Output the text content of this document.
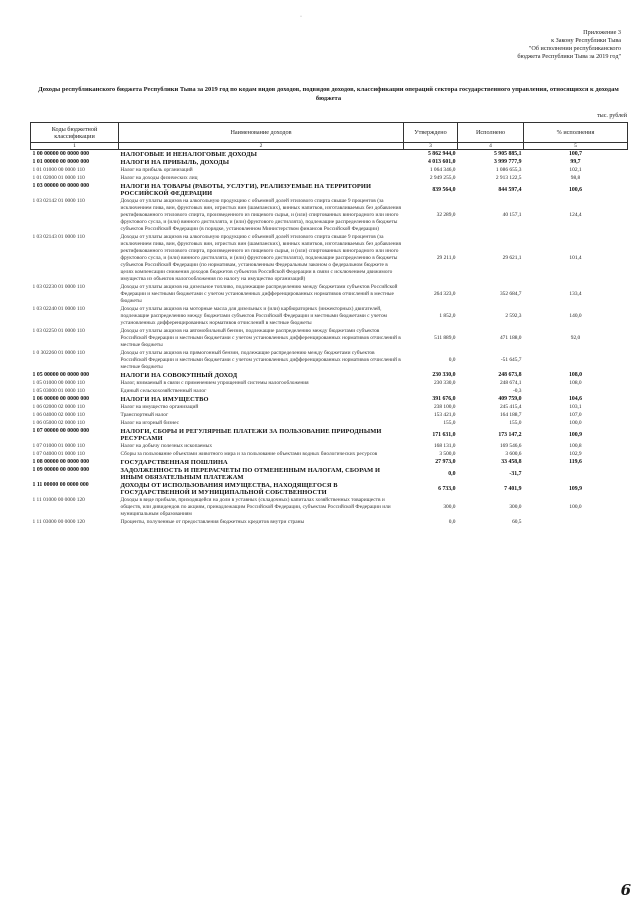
·
Приложение 3
к Закону Республики Тыва
"Об исполнении республиканского
бюджета Республики Тыва за 2019 год"
Доходы республиканского бюджета Республики Тыва за 2019 год по кодам видов доходов, подвидов доходов, классификации операций сектора государственного управления, относящихся к доходам бюджета
тыс. рублей
Коды бюджетной классификации	Наименование доходов	Утверждено	Исполнено	% исполнения
1	2	3	4	5
1 00 00000 00 0000 000	НАЛОГОВЫЕ И НЕНАЛОГОВЫЕ ДОХОДЫ	5 862 944,0	5 905 885,1	100,7
1 01 00000 00 0000 000	НАЛОГИ НА ПРИБЫЛЬ, ДОХОДЫ	4 013 601,0	3 999 777,9	99,7
1 01 01000 00 0000 110	Налог на прибыль организаций	1 064 346,0	1 086 655,3	102,1
1 01 02000 01 0000 110	Налог на доходы физических лиц	2 949 255,0	2 913 122,5	98,8
1 03 00000 00 0000 000	НАЛОГИ НА ТОВАРЫ (РАБОТЫ, УСЛУГИ), РЕАЛИЗУЕМЫЕ НА ТЕРРИТОРИИ РОССИЙСКОЙ ФЕДЕРАЦИИ	839 564,0	844 597,4	100,6
1 03 02142 01 0000 110	Доходы от уплаты акцизов на алкогольную продукцию с объемной долей этилового спирта свыше 9 процентов (за исключением пива, вин, фруктовых вин, игристых вин (шампанских), винных напитков, изготавливаемых без добавления ректификованного этилового спирта, произведенного из пищевого сырья, и (или) спиртованных виноградного или иного фруктового сусла, и (или) винного дистиллята, и (или) фруктового дистиллята), подлежащие распределению в бюджеты субъектов Российской Федерации (в порядке, установленном Министерством финансов Российской Федерации)	32 289,0	40 157,1	124,4
1 03 02143 01 0000 110	Доходы от уплаты акцизов на алкогольную продукцию с объемной долей этилового спирта свыше 9 процентов (за исключением пива, вин, фруктовых вин, игристых вин (шампанских), винных напитков, изготавливаемых без добавления ректификованного этилового спирта, произведенного из пищевого сырья, и (или) спиртованных виноградного или иного фруктового сусла, и (или) винного дистиллята, и (или) фруктового дистиллята), подлежащие распределению в бюджеты субъектов Российской Федерации (по нормативам, установленным Федеральным законом о федеральном бюджете в целях компенсации снижения доходов бюджетов субъектов Российской Федерации в связи с исключением движимого имущества из объектов налогообложения по налогу на имущество организаций)	29 211,0	29 621,1	101,4
1 03 02230 01 0000 110	Доходы от уплаты акцизов на дизельное топливо, подлежащие распределению между бюджетами субъектов Российской Федерации и местными бюджетами с учетом установленных дифференцированных нормативов отчислений в местные бюджеты	264 323,0	352 684,7	133,4
1 03 02240 01 0000 110	Доходы от уплаты акцизов на моторные масла для дизельных и (или) карбюраторных (инжекторных) двигателей, подлежащие распределению между бюджетами субъектов Российской Федерации и местными бюджетами с учетом установленных дифференцированных нормативов отчислений в местные бюджеты	1 852,0	2 592,3	140,0
1 03 02250 01 0000 110	Доходы от уплаты акцизов на автомобильный бензин, подлежащие распределению между бюджетами субъектов Российской Федерации и местными бюджетами с учетом установленных дифференцированных нормативов отчислений в местные бюджеты	511 889,0	471 188,0	92,0
1 0 302260 01 0000 110	Доходы от уплаты акцизов на прямогонный бензин, подлежащие распределению между бюджетами субъектов Российской Федерации и местными бюджетами с учетом установленных дифференцированных нормативов отчислений в местные бюджеты	0,0	-51 645,7	
1 05 00000 00 0000 000	НАЛОГИ НА СОВОКУПНЫЙ ДОХОД	230 330,0	248 673,8	108,0
1 05 01000 00 0000 110	Налог, взимаемый в связи с применением упрощенной системы налогообложения	230 330,0	248 674,1	108,0
1 05 03000 01 0000 110	Единый сельскохозяйственный налог		-0,3	
1 06 00000 00 0000 000	НАЛОГИ НА ИМУЩЕСТВО	391 676,0	409 759,0	104,6
1 06 02000 02 0000 110	Налог на имущество организаций	238 100,0	245 415,4	103,1
1 06 04000 02 0000 110	Транспортный налог	153 421,0	164 188,7	107,0
1 06 05000 02 0000 110	Налог на игорный бизнес	155,0	155,0	100,0
1 07 00000 00 0000 000	НАЛОГИ, СБОРЫ И РЕГУЛЯРНЫЕ ПЛАТЕЖИ ЗА ПОЛЬЗОВАНИЕ ПРИРОДНЫМИ РЕСУРСАМИ	171 631,0	173 147,2	100,9
1 07 01000 01 0000 110	Налог на добычу полезных ископаемых	168 131,0	169 546,6	100,8
1 07 04000 01 0000 110	Сборы за пользование объектами животного мира и за пользование объектами водных биологических ресурсов	3 500,0	3 600,6	102,9
1 08 00000 00 0000 000	ГОСУДАРСТВЕННАЯ ПОШЛИНА	27 973,0	33 458,8	119,6
1 09 00000 00 0000 000	ЗАДОЛЖЕННОСТЬ И ПЕРЕРАСЧЕТЫ ПО ОТМЕНЕННЫМ НАЛОГАМ, СБОРАМ И ИНЫМ ОБЯЗАТЕЛЬНЫМ ПЛАТЕЖАМ	0,0	-31,7	
1 11 00000 00 0000 000	ДОХОДЫ ОТ ИСПОЛЬЗОВАНИЯ ИМУЩЕСТВА, НАХОДЯЩЕГОСЯ В ГОСУДАРСТВЕННОЙ И МУНИЦИПАЛЬНОЙ СОБСТВЕННОСТИ	6 733,0	7 401,9	109,9
1 11 01000 00 0000 120	Доходы в виде прибыли, приходящейся на доли в уставных (складочных) капиталах хозяйственных товариществ и обществ, или дивидендов по акциям, принадлежащим Российской Федерации, субъектам Российской Федерации или муниципальным образованиям	300,0	300,0	100,0
1 11 03000 00 0000 120	Проценты, полученные от предоставления бюджетных кредитов внутри страны	0,0	60,5	
6
